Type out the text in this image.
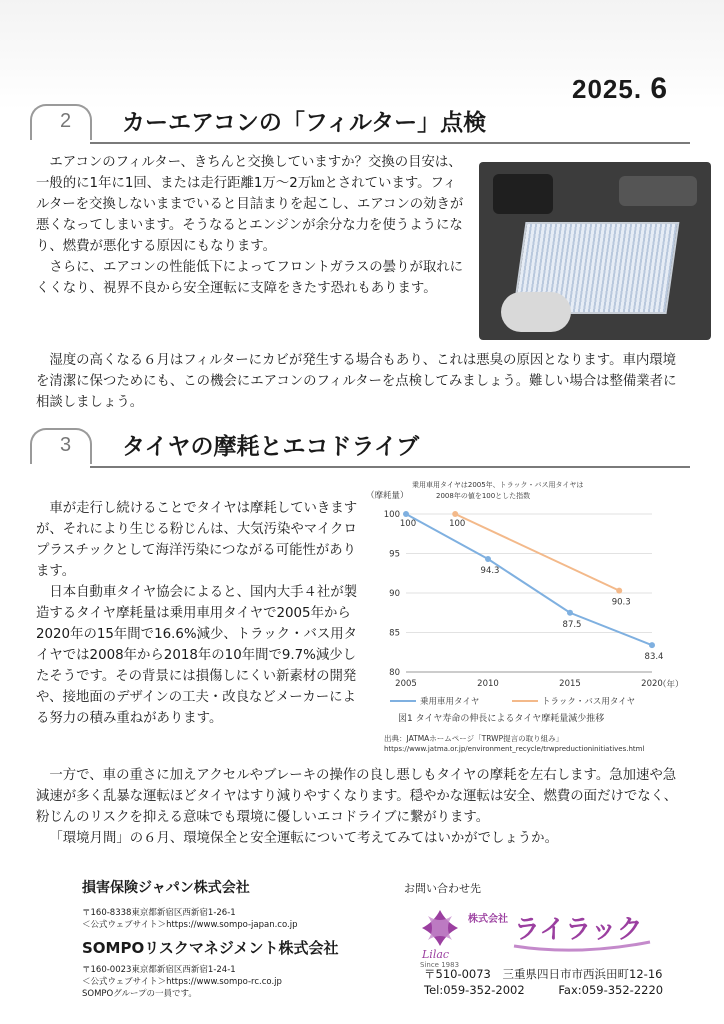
2025. 6
2 カーエアコンの「フィルター」点検

エアコンのフィルター、きちんと交換していますか？交換の目安は、一般的に1年に1回、または走行距離1万～2万㎞とされています。フィルターを交換しないままでいると目詰まりを起こし、エアコンの効きが悪くなってしまいます。そうなるとエンジンが余分な力を使うようになり、燃費が悪化する原因にもなります。

さらに、エアコンの性能低下によってフロントガラスの曇りが取れにくくなり、視界不良から安全運転に支障をきたす恐れもあります。

湿度の高くなる６月はフィルターにカビが発生する場合もあり、これは悪臭の原因となります。車内環境を清潔に保つためにも、この機会にエアコンのフィルターを点検してみましょう。難しい場合は整備業者に相談しましょう。

3 タイヤの摩耗とエコドライブ

車が走行し続けることでタイヤは摩耗していきますが、それにより生じる粉じんは、大気汚染やマイクロプラスチックとして海洋汚染につながる可能性があります。

日本自動車タイヤ協会によると、国内大手４社が製造するタイヤ摩耗量は乗用車用タイヤで2005年から2020年の15年間で16.6%減少、トラック・バス用タイヤでは2008年から2018年の10年間で9.7%減少したそうです。その背景には損傷しにくい新素材の開発や、接地面のデザインの工夫・改良などメーカーによる努力の積み重ねがあります。

一方で、車の重さに加えアクセルやブレーキの操作の良し悪しもタイヤの摩耗を左右します。急加速や急減速が多く乱暴な運転ほどタイヤはすり減りやすくなります。穏やかな運転は安全、燃費の面だけでなく、粉じんのリスクを抑える意味でも環境に優しいエコドライブに繋がります。

「環境月間」の６月、環境保全と安全運転について考えてみてはいかがでしょうか。

乗用車用タイヤは2005年、トラック・バス用タイヤは
2008年の値を100とした指数
（摩耗量）
（年）
80
85
90
95
100
2005	2010	2015	2020
100
94.3
87.5
83.4
100
90.3
乗用車用タイヤ	トラック・バス用タイヤ
図1 タイヤ寿命の伸長によるタイヤ摩耗量減少推移
出典：JATMAホームページ「TRWP提言の取り組み」
https://www.jatma.or.jp/environment_recycle/trwpreductioninitiatives.html
損害保険ジャパン株式会社
〒160-8338東京都新宿区西新宿1-26-1
＜公式ウェブサイト＞https://www.sompo-japan.co.jp
SOMPOリスクマネジメント株式会社
〒160-0023東京都新宿区西新宿1-24-1
＜公式ウェブサイト＞https://www.sompo-rc.co.jp
SOMPOグループの一員です。
お問い合わせ先
Lilac
Since 1983
株式会社 ライラック
〒510-0073 三重県四日市市西浜田町12-16
Tel:059-352-2002	Fax:059-352-2220
